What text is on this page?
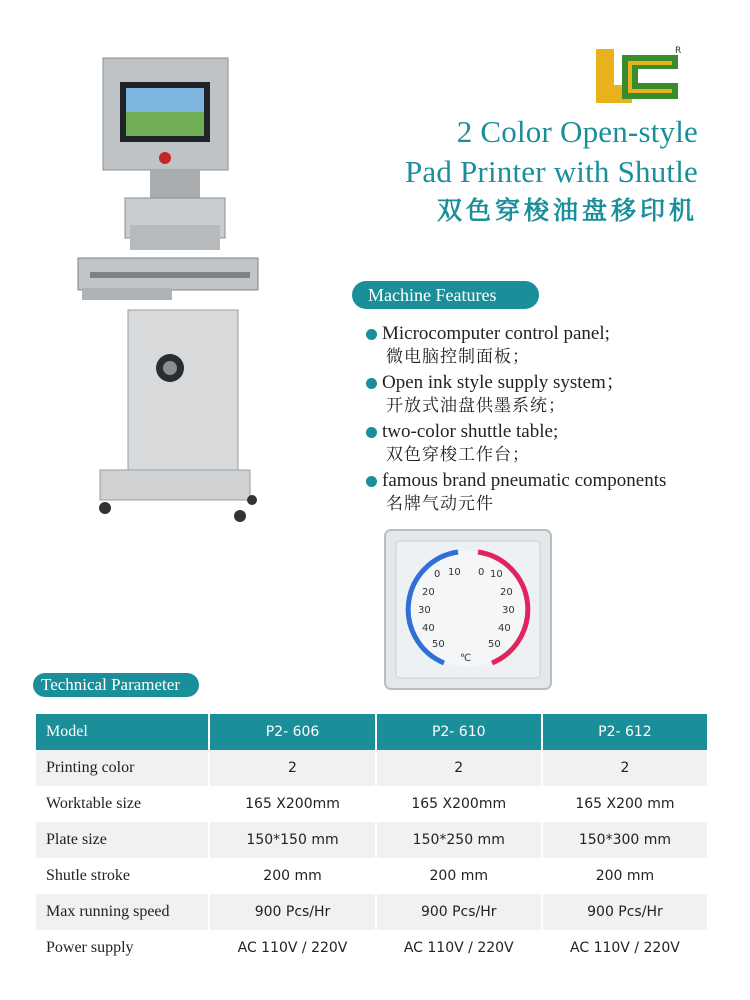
R
2 Color Open-style
Pad Printer with Shutle
双色穿梭油盘移印机
Machine Features
Microcomputer control panel;
微电脑控制面板；
Open ink style supply system；
开放式油盘供墨系统；
two-color shuttle table;
双色穿梭工作台；
famous brand pneumatic components
名牌气动元件
10
0
20
30
40
50
0 10
20
30
40
50
℃
Technical Parameter
Model	P2- 606	P2- 610	P2- 612
Printing color	2	2	2
Worktable size	165 X200mm	165 X200mm	165 X200 mm
Plate size	150*150 mm	150*250 mm	150*300 mm
Shutle stroke	200 mm	200 mm	200 mm
Max running speed	900 Pcs/Hr	900 Pcs/Hr	900 Pcs/Hr
Power supply	AC 110V / 220V	AC 110V / 220V	AC 110V / 220V
